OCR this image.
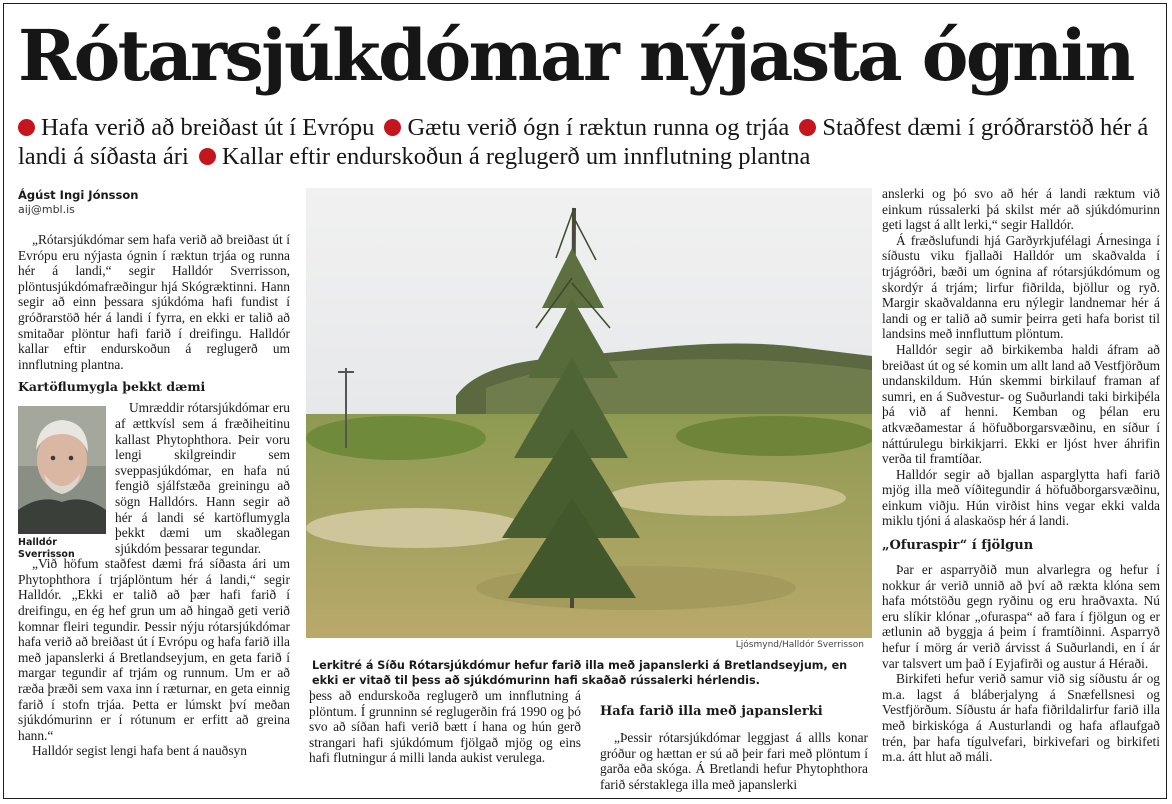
Rótarsjúkdómar nýjasta ógnin
Hafa verið að breiðast út í Evrópu Gætu verið ógn í ræktun runna og trjáa Staðfest dæmi í gróðrarstöð hér á landi á síðasta ári Kallar eftir endurskoðun á reglugerð um innflutning plantna
Ágúst Ingi Jónsson
aij@mbl.is

„Rótarsjúkdómar sem hafa verið að breiðast út í Evrópu eru nýjasta ógnin í ræktun trjáa og runna hér á landi,“ segir Halldór Sverrisson, plöntusjúkdómafræðingur hjá Skógræktinni. Hann segir að einn þessara sjúkdóma hafi fundist í gróðrarstöð hér á landi í fyrra, en ekki er talið að smitaðar plöntur hafi farið í dreifingu. Halldór kallar eftir endurskoðun á reglugerð um innflutning plantna.

Kartöflumygla þekkt dæmi
Halldór Sverrisson

Umræddir rótarsjúkdómar eru af ættkvísl sem á fræðiheitinu kallast Phytophthora. Þeir voru lengi skilgreindir sem sveppasjúkdómar, en hafa nú fengið sjálfstæða greiningu að sögn Halldórs. Hann segir að hér á landi sé kartöflumygla þekkt dæmi um skaðlegan sjúkdóm þessarar tegundar.

„Við höfum staðfest dæmi frá síðasta ári um Phytophthora í trjáplöntum hér á landi,“ segir Halldór. „Ekki er talið að þær hafi farið í dreifingu, en ég hef grun um að hingað geti verið komnar fleiri tegundir. Þessir nýju rótarsjúkdómar hafa verið að breiðast út í Evrópu og hafa farið illa með japanslerki á Bretlandseyjum, en geta farið í margar tegundir af trjám og runnum. Um er að ræða þræði sem vaxa inn í ræturnar, en geta einnig farið í stofn trjáa. Þetta er lúmskt því meðan sjúkdómurinn er í rótunum er erfitt að greina hann.“

Halldór segist lengi hafa bent á nauðsyn

Ljósmynd/Halldór Sverrisson
Lerkitré á Síðu Rótarsjúkdómur hefur farið illa með japanslerki á Bretlandseyjum, en ekki er vitað til þess að sjúkdómurinn hafi skaðað rússalerki hérlendis.

þess að endurskoða reglugerð um innflutning á plöntum. Í grunninn sé reglugerðin frá 1990 og þó svo að síðan hafi verið bætt í hana og hún gerð strangari hafi sjúkdómum fjölgað mjög og eins hafi flutningur á milli landa aukist verulega.

Hafa farið illa með japanslerki

„Þessir rótarsjúkdómar leggjast á allls konar gróður og hættan er sú að þeir fari með plöntum í garða eða skóga. Á Bretlandi hefur Phytophthora farið sérstaklega illa með japanslerki

anslerki og þó svo að hér á landi ræktum við einkum rússalerki þá skilst mér að sjúkdómurinn geti lagst á allt lerki,“ segir Halldór.

Á fræðslufundi hjá Garðyrkjufélagi Árnesinga í síðustu viku fjallaði Halldór um skaðvalda í trjágróðri, bæði um ógnina af rótarsjúkdómum og skordýr á trjám; lirfur fiðrilda, bjöllur og ryð. Margir skaðvaldanna eru nýlegir landnemar hér á landi og er talið að sumir þeirra geti hafa borist til landsins með innfluttum plöntum.

Halldór segir að birkikemba haldi áfram að breiðast út og sé komin um allt land að Vestfjörðum undanskildum. Hún skemmi birkilauf framan af sumri, en á Suðvestur- og Suðurlandi taki birkiþéla þá við af henni. Kemban og þélan eru atkvæðamestar á höfuðborgarsvæðinu, en síður í náttúrulegu birkikjarri. Ekki er ljóst hver áhrifin verða til framtíðar.

Halldór segir að bjallan asparglytta hafi farið mjög illa með víðitegundir á höfuðborgarsvæðinu, einkum viðju. Hún virðist hins vegar ekki valda miklu tjóni á alaskaösp hér á landi.

„Ofuraspir“ í fjölgun

Þar er asparryðið mun alvarlegra og hefur í nokkur ár verið unnið að því að rækta klóna sem hafa mótstöðu gegn ryðinu og eru hraðvaxta. Nú eru slíkir klónar „ofuraspa“ að fara í fjölgun og er ætlunin að byggja á þeim í framtíðinni. Asparryð hefur í mörg ár verið árvisst á Suðurlandi, en í ár var talsvert um það í Eyjafirði og austur á Héraði.

Birkifeti hefur verið samur við sig síðustu ár og m.a. lagst á bláberjalyng á Snæfellsnesi og Vestfjörðum. Síðustu ár hafa fiðrildalirfur farið illa með birkiskóga á Austurlandi og hafa aflaufgað trén, þar hafa tígulvefari, birkivefari og birkifeti m.a. átt hlut að máli.
